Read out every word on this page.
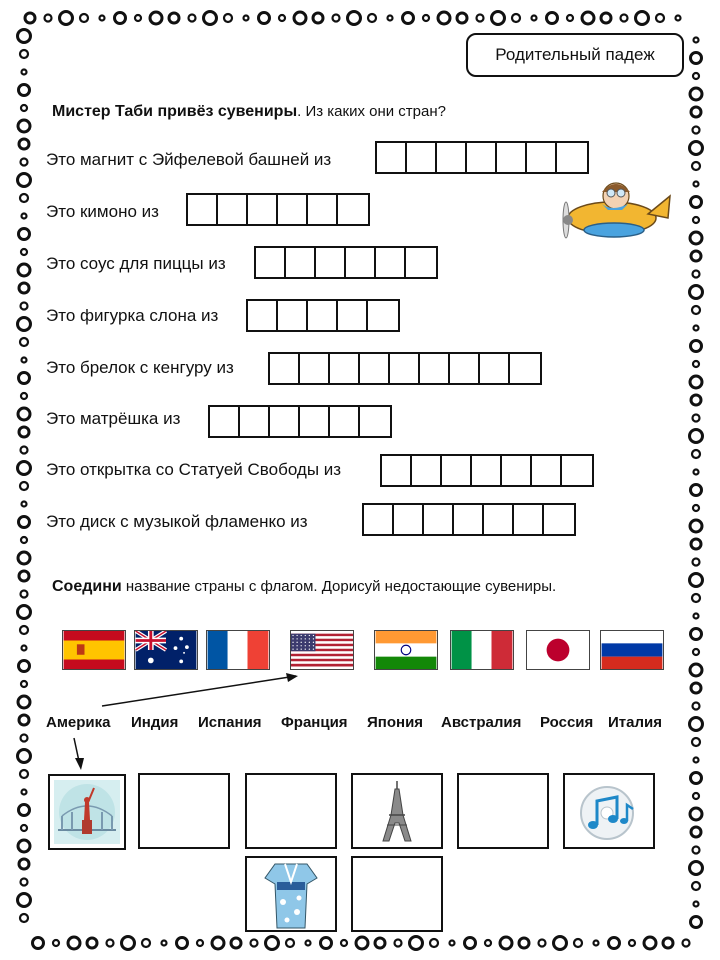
Родительный падеж
Мистер Таби привёз сувениры. Из каких они стран?
Это магнит с Эйфелевой башней из
Это кимоно из
Это соус для пиццы из
Это фигурка слона из
Это брелок с кенгуру из
Это матрёшка из
Это открытка со Статуей Свободы из
Это диск с музыкой фламенко из
Соедини название страны с флагом. Дорисуй недостающие сувениры.
Америка Индия Испания Франция Япония Австралия Россия Италия
